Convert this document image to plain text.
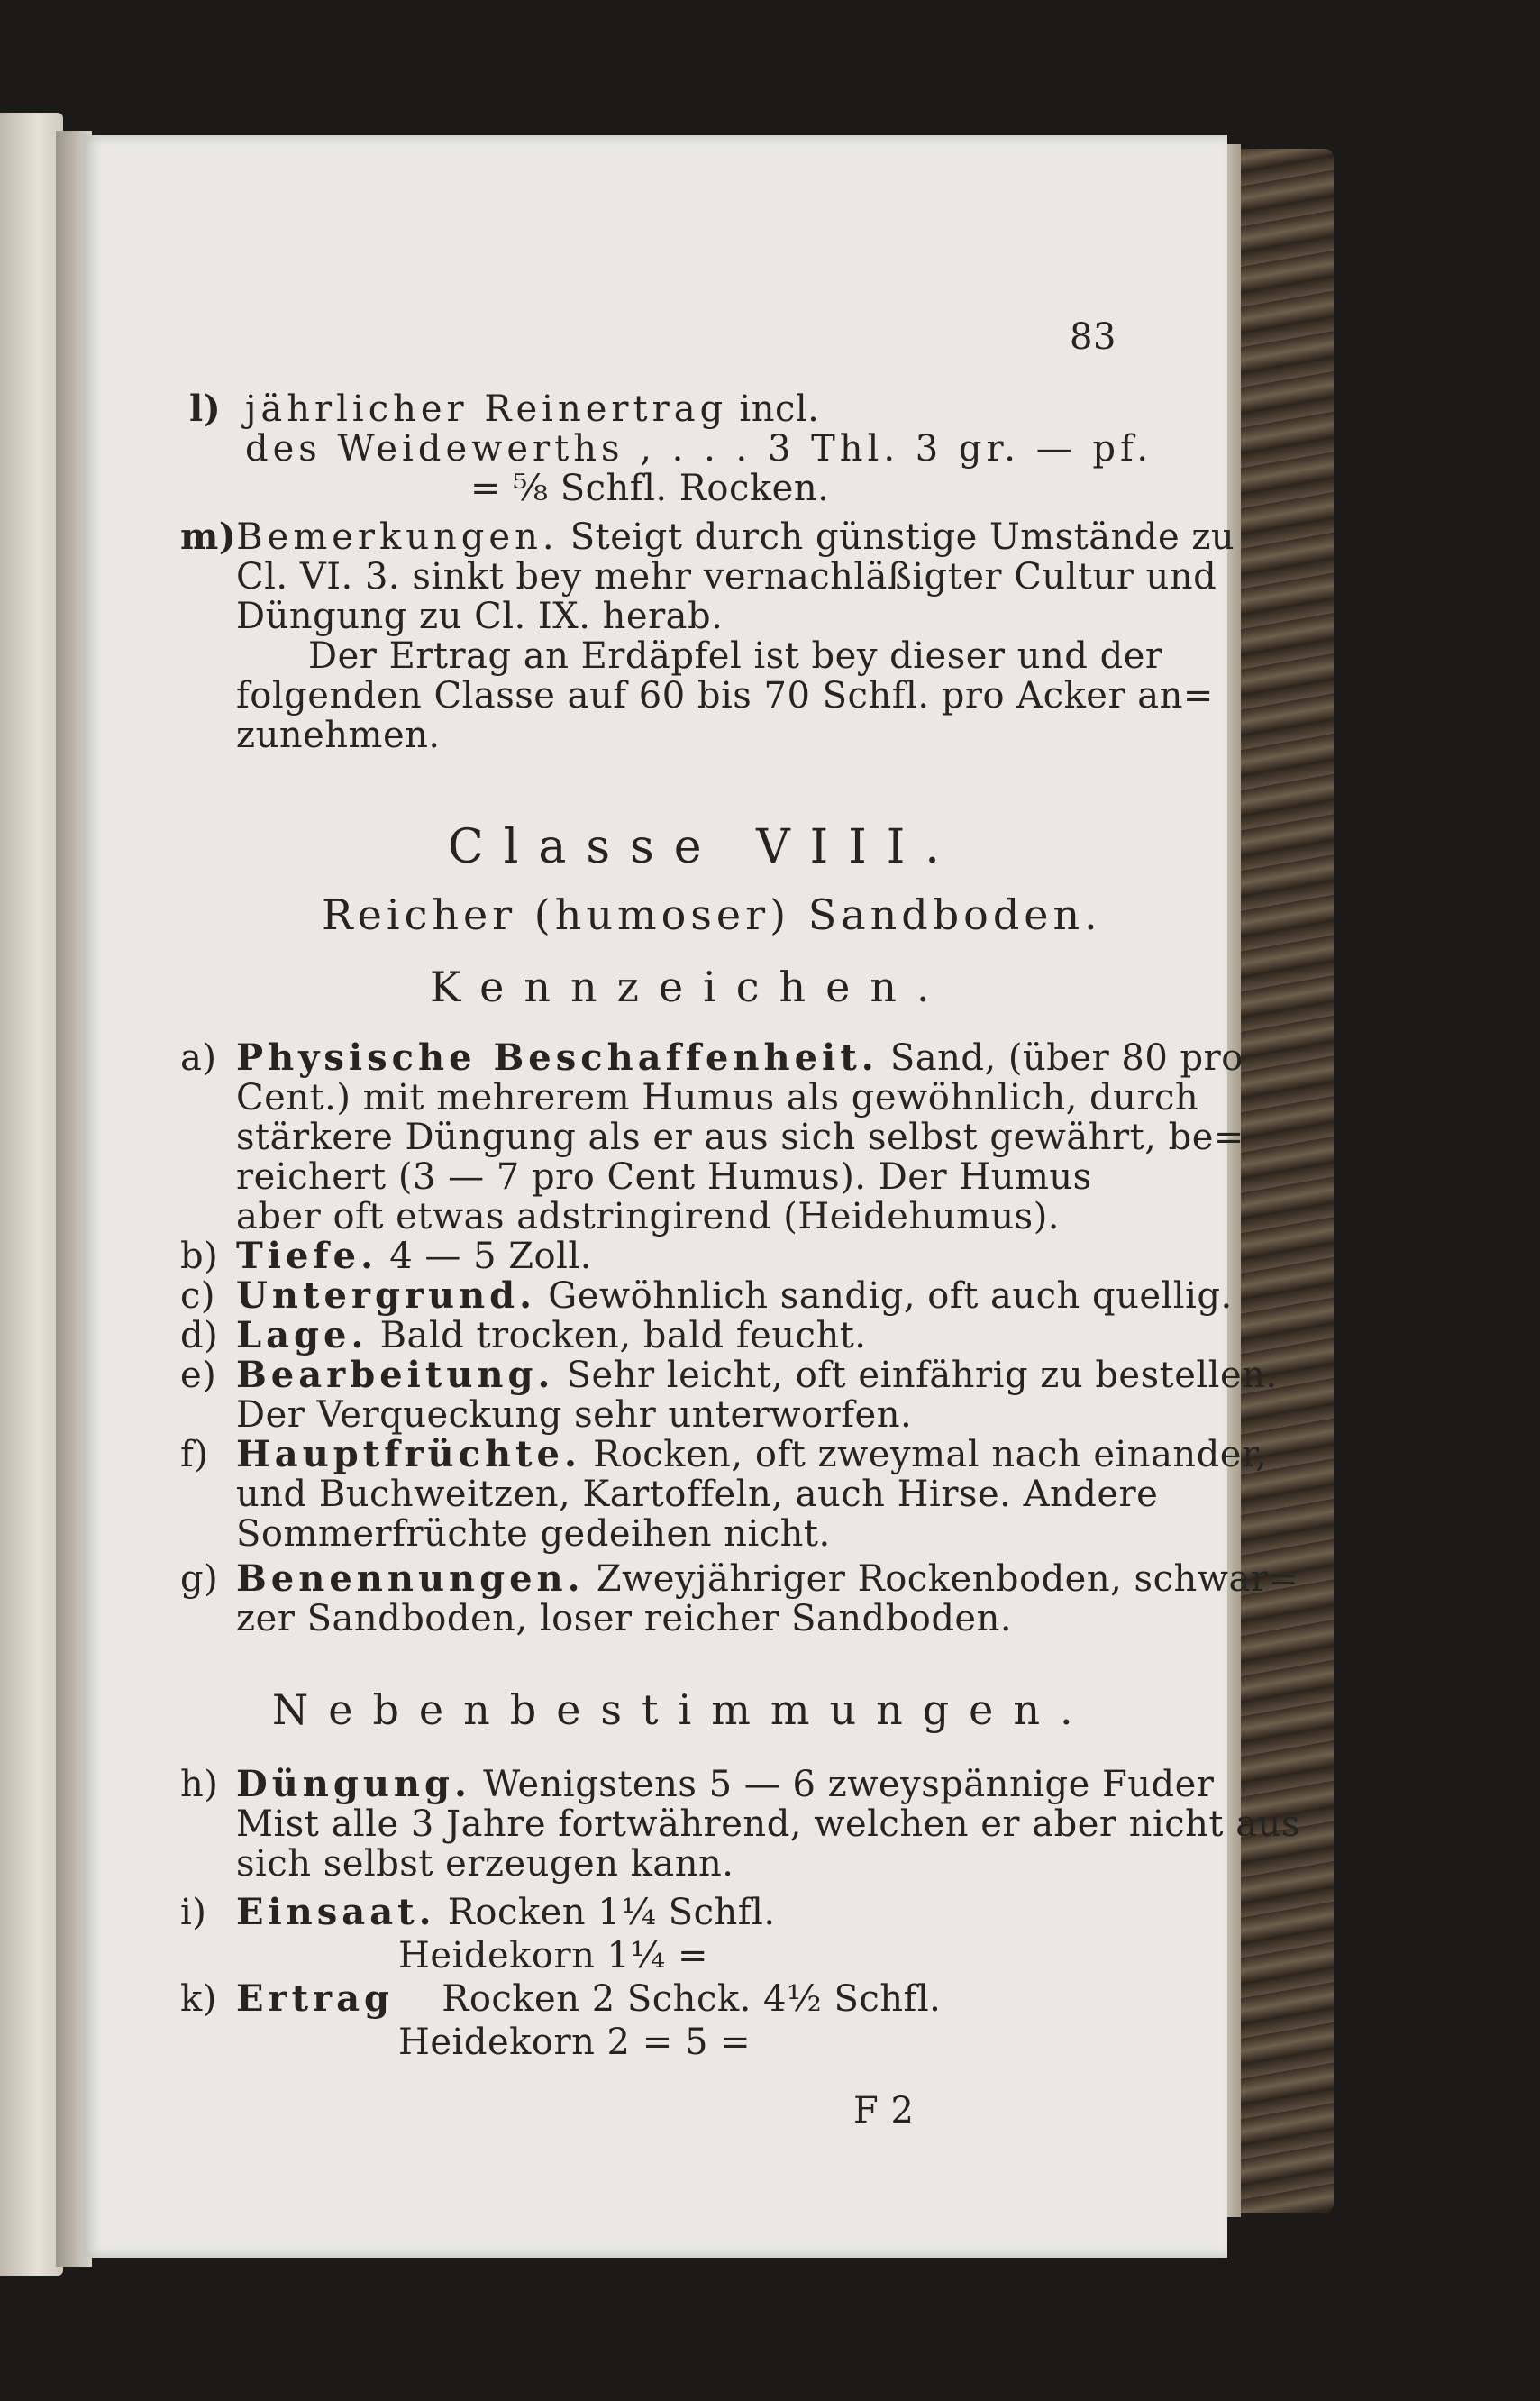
83

l) jährlicher Reinertrag incl.

des Weidewerths , . . . 3 Thl. 3 gr. — pf.

= ⅝ Schfl. Rocken.

m)Bemerkungen. Steigt durch günstige Umstände zu

Cl. VI. 3. sinkt bey mehr vernachläßigter Cultur und

Düngung zu Cl. IX. herab.

Der Ertrag an Erdäpfel ist bey dieser und der

folgenden Classe auf 60 bis 70 Schfl. pro Acker an=

zunehmen.

Classe VIII.

Reicher (humoser) Sandboden.

Kennzeichen.

a) Physische Beschaffenheit. Sand, (über 80 pro

Cent.) mit mehrerem Humus als gewöhnlich, durch

stärkere Düngung als er aus sich selbst gewährt, be=

reichert (3 — 7 pro Cent Humus). Der Humus

aber oft etwas adstringirend (Heidehumus).

b) Tiefe. 4 — 5 Zoll.

c) Untergrund. Gewöhnlich sandig, oft auch quellig.

d) Lage. Bald trocken, bald feucht.

e) Bearbeitung. Sehr leicht, oft einfährig zu bestellen.

Der Verqueckung sehr unterworfen.

f) Hauptfrüchte. Rocken, oft zweymal nach einander,

und Buchweitzen, Kartoffeln, auch Hirse. Andere

Sommerfrüchte gedeihen nicht.

g) Benennungen. Zweyjähriger Rockenboden, schwar=

zer Sandboden, loser reicher Sandboden.

Nebenbestimmungen.

h) Düngung. Wenigstens 5 — 6 zweyspännige Fuder

Mist alle 3 Jahre fortwährend, welchen er aber nicht aus

sich selbst erzeugen kann.

i) Einsaat. Rocken 1¼ Schfl.

Heidekorn 1¼ =

k) Ertrag Rocken 2 Schck. 4½ Schfl.

Heidekorn 2 = 5 =

F 2
